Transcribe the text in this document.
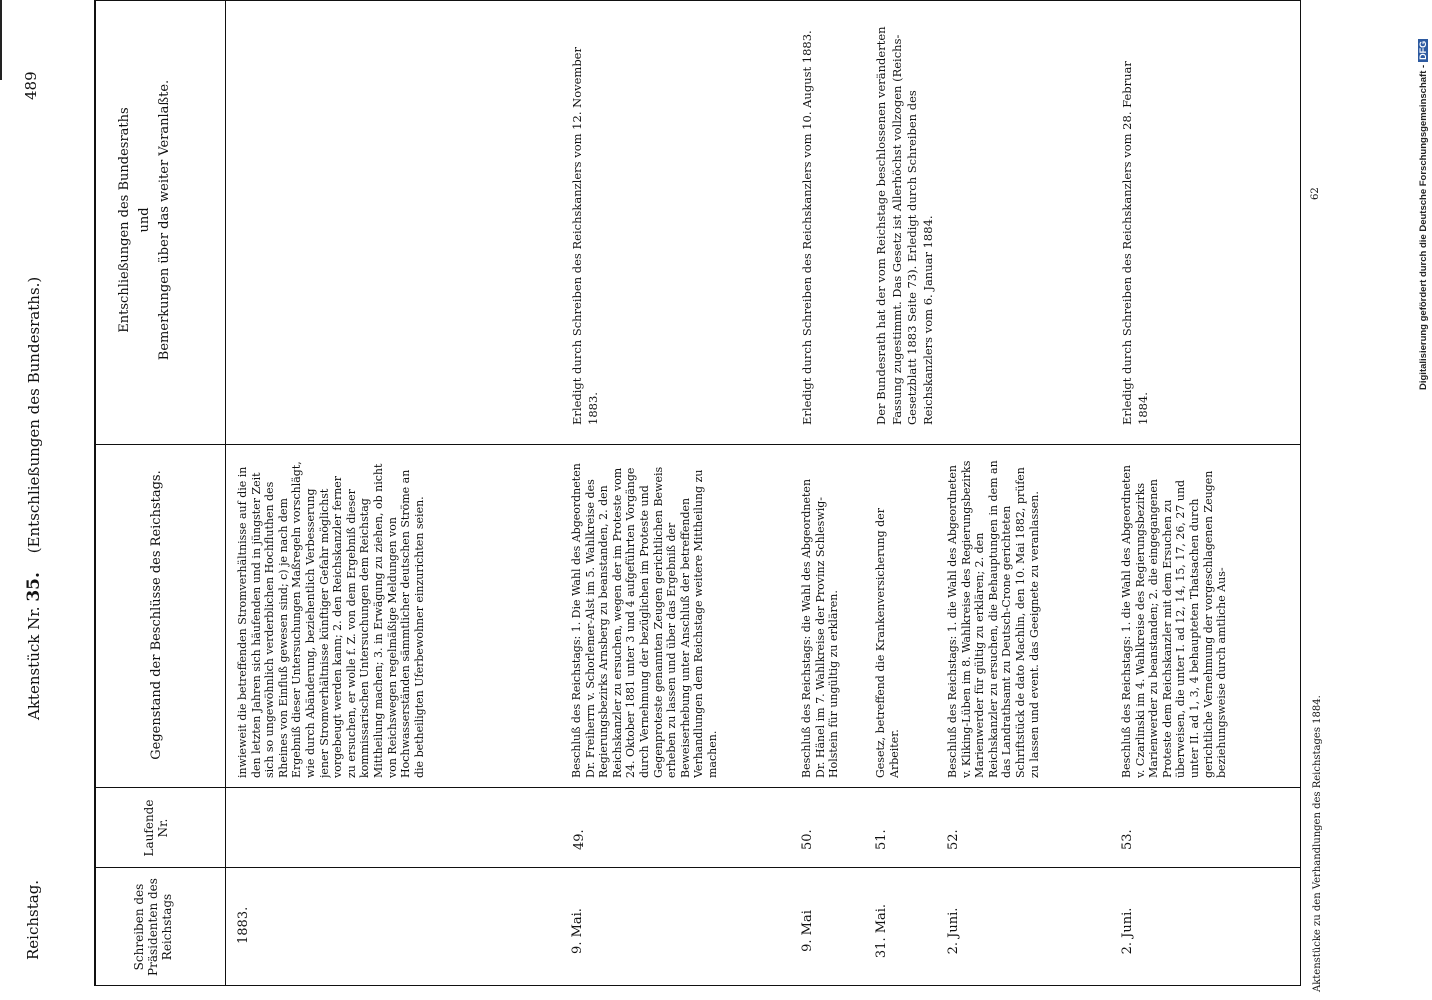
Reichstag.
Aktenstück Nr. 35. (Entschließungen des Bundesraths.)
489
Schreiben des Präsidenten des Reichstags
Laufende Nr.
Gegenstand der Beschlüsse des Reichstags.
Entschließungen des Bundesraths und Bemerkungen über das weiter Veranlaßte.
1883.
inwieweit die betreffenden Stromverhältnisse auf die in den letzten Jahren sich häufenden und in jüngster Zeit sich so ungewöhnlich verderblichen Hochfluthen des Rheines von Einfluß gewesen sind; c) je nach dem Ergebniß dieser Untersuchungen Maßregeln vorschlägt, wie durch Abänderung, beziehentlich Verbesserung jener Stromverhältnisse künftiger Gefahr möglichst vorgebeugt werden kann; 2. den Reichskanzler ferner zu ersuchen, er wolle f. Z. von dem Ergebniß dieser kommissarischen Untersuchungen dem Reichstag Mittheilung machen; 3. in Erwägung zu ziehen, ob nicht von Reichswegen regelmäßige Meldungen von Hochwasserständen sämmtlicher deutschen Ströme an die betheiligten Uferbewohner einzurichten seien.
9. Mai.
49.
Beschluß des Reichstags: 1. Die Wahl des Abgeordneten Dr. Freiherrn v. Schorlemer-Alst im 5. Wahlkreise des Regierungsbezirks Arnsberg zu beanstanden, 2. den Reichskanzler zu ersuchen, wegen der im Proteste vom 24. Oktober 1881 unter 3 und 4 aufgeführten Vorgänge durch Vernehmung der bezüglichen im Proteste und Gegenproteste genannten Zeugen gerichtlichen Beweis erheben zu lassen und über das Ergebniß der Beweiserhebung unter Anschluß der betreffenden Verhandlungen dem Reichstage weitere Mittheilung zu machen.
Erledigt durch Schreiben des Reichskanzlers vom 12. November 1883.
9. Mai
50.
Beschluß des Reichstags: die Wahl des Abgeordneten Dr. Hänel im 7. Wahlkreise der Provinz Schleswig-Holstein für ungültig zu erklären.
Erledigt durch Schreiben des Reichskanzlers vom 10. August 1883.
31. Mai.
51.
Gesetz, betreffend die Krankenversicherung der Arbeiter.
Der Bundesrath hat der vom Reichstage beschlossenen veränderten Fassung zugestimmt. Das Gesetz ist Allerhöchst vollzogen (Reichs-Gesetzblatt 1883 Seite 73). Erledigt durch Schreiben des Reichskanzlers vom 6. Januar 1884.
2. Juni.
52.
Beschluß des Reichstags: 1. die Wahl des Abgeordneten v. Kliking-Lüben im 8. Wahlkreise des Regierungsbezirks Marienwerder für gültig zu erklären; 2. den Reichskanzler zu ersuchen, die Behauptungen in dem an das Landrathsamt zu Deutsch-Crone gerichteten Schriftstück de dato Machlin, den 10. Mai 1882, prüfen zu lassen und event. das Geeignete zu veranlassen.
Erledigt durch Schreiben des Reichskanzlers vom 28. Februar 1884.
2. Juni.
53.
Beschluß des Reichstags: 1. die Wahl des Abgeordneten v. Czarlinski im 4. Wahlkreise des Regierungsbezirks Marienwerder zu beanstanden; 2. die eingegangenen Proteste dem Reichskanzler mit dem Ersuchen zu überweisen, die unter I. ad 12, 14, 15, 17, 26, 27 und unter II. ad 1, 3, 4 behaupteten Thatsachen durch gerichtliche Vernehmung der vorgeschlagenen Zeugen beziehungsweise durch amtliche Aus-
Aktenstücke zu den Verhandlungen des Reichstages 1884.
62	Digitalisierung gefördert durch die Deutsche Forschungsgemeinschaft -DFG
